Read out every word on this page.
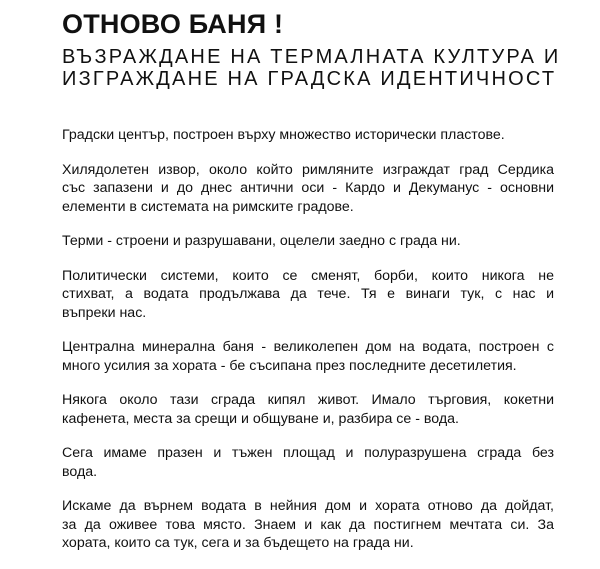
ОТНОВО БАНЯ !
ВЪЗРАЖДАНЕ НА ТЕРМАЛНАТА КУЛТУРА И
ИЗГРАЖДАНЕ НА ГРАДСКА ИДЕНТИЧНОСТ

Градски център, построен върху множество исторически пластове.

Хилядолетен извор, около който римляните изграждат град Сердика
със запазени и до днес антични оси - Кардо и Декуманус - основни
елементи в системата на римските градове.

Терми - строени и разрушавани, оцелели заедно с града ни.

Политически системи, които се сменят, борби, които никога не
стихват, а водата продължава да тече. Тя е винаги тук, с нас и
въпреки нас.

Централна минерална баня - великолепен дом на водата, построен с
много усилия за хората - бе съсипана през последните десетилетия.

Някога около тази сграда кипял живот. Имало търговия, кокетни
кафенета, места за срещи и общуване и, разбира се - вода.

Сега имаме празен и тъжен площад и полуразрушена сграда без
вода.

Искаме да върнем водата в нейния дом и хората отново да дойдат,
за да оживее това място. Знаем и как да постигнем мечтата си. За
хората, които са тук, сега и за бъдещето на града ни.
